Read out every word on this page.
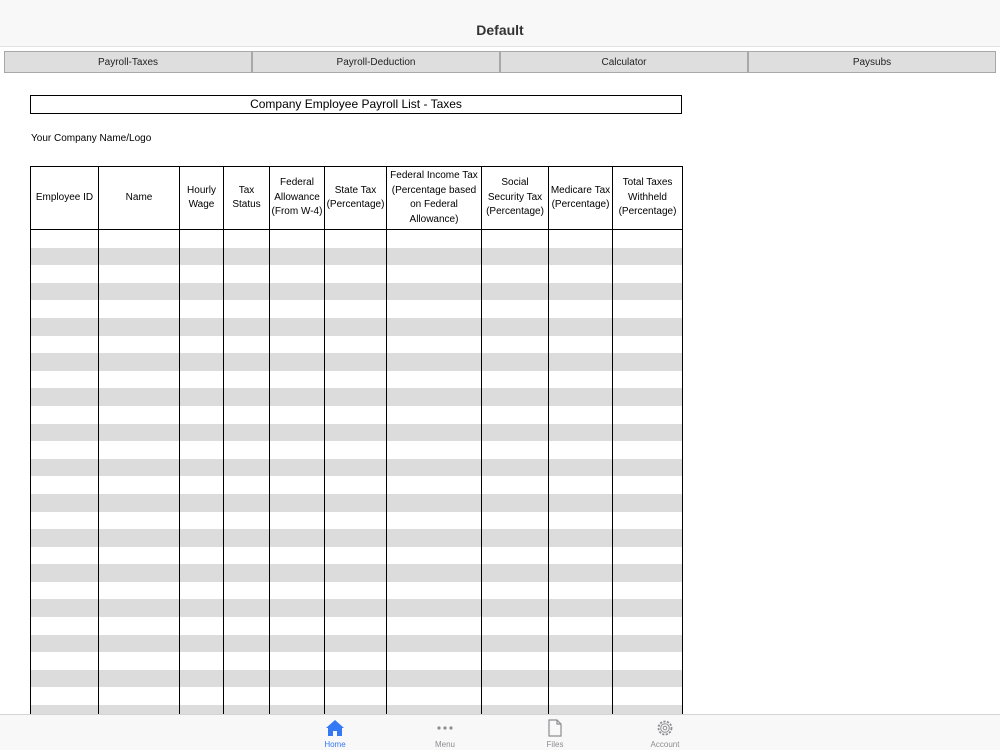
Default
Payroll-Taxes	Payroll-Deduction	Calculator	Paysubs
Company Employee Payroll List - Taxes
Your Company Name/Logo
Employee ID	Name	Hourly Wage	Tax Status	Federal Allowance (From W-4)	State Tax (Percentage)	Federal Income Tax (Percentage based on Federal Allowance)	Social Security Tax (Percentage)	Medicare Tax (Percentage)	Total Taxes Withheld (Percentage)

Home	Menu	Files	Account
